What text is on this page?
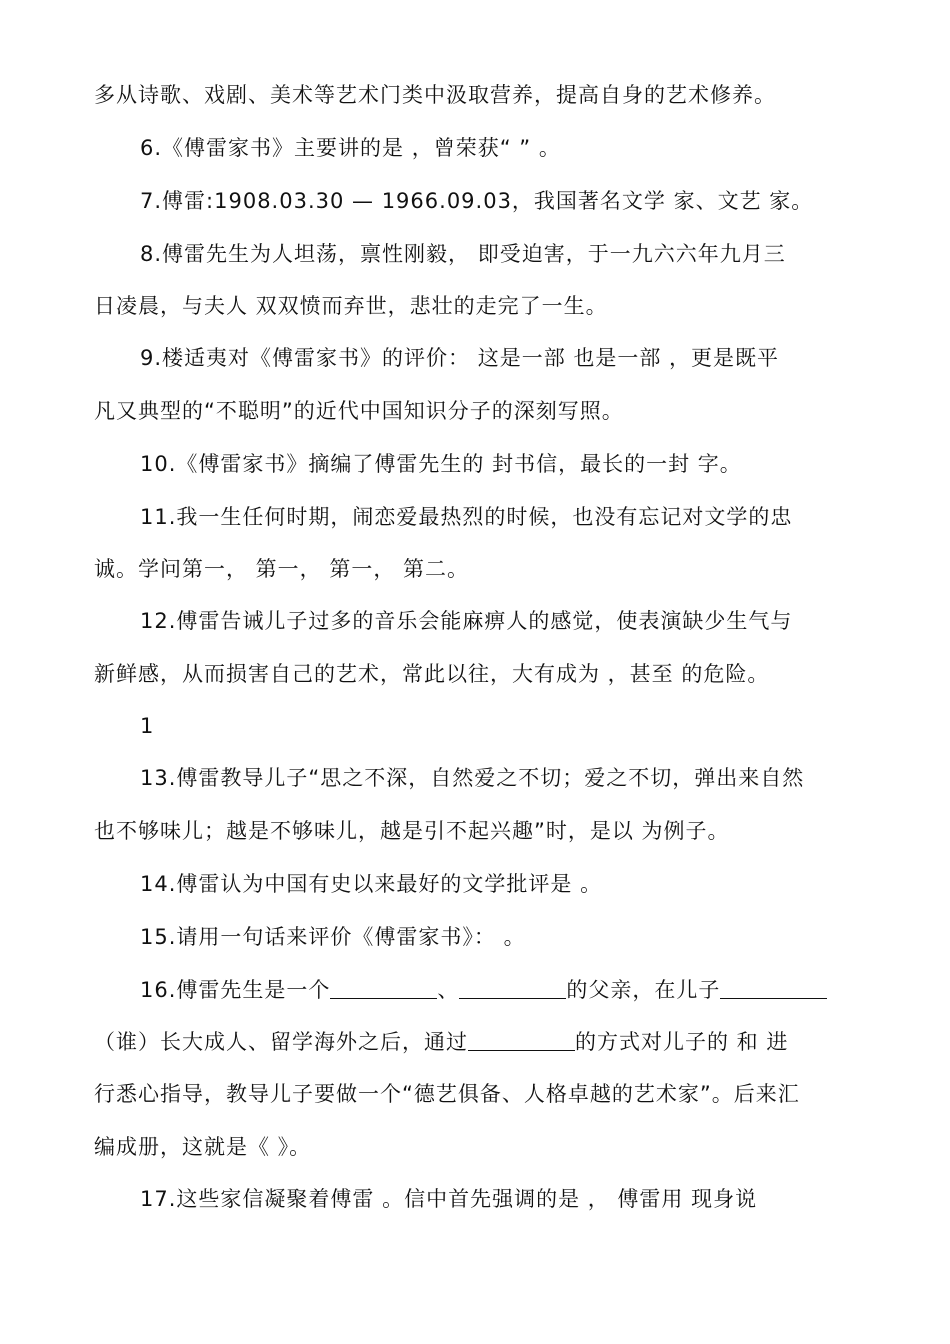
多从诗歌、戏剧、美术等艺术门类中汲取营养，提高自身的艺术修养。
6.《傅雷家书》主要讲的是 ，曾荣获“ ” 。
7.傅雷:1908.03.30 — 1966.09.03，我国著名文学 家、文艺 家。
8.傅雷先生为人坦荡，禀性刚毅， 即受迫害，于一九六六年九月三
日凌晨，与夫人 双双愤而弃世，悲壮的走完了一生。
9.楼适夷对《傅雷家书》的评价： 这是一部 也是一部 ，更是既平
凡又典型的“不聪明”的近代中国知识分子的深刻写照。
10.《傅雷家书》摘编了傅雷先生的 封书信，最长的一封 字。
11.我一生任何时期，闹恋爱最热烈的时候，也没有忘记对文学的忠
诚。学问第一， 第一， 第一， 第二。
12.傅雷告诫儿子过多的音乐会能麻痹人的感觉，使表演缺少生气与
新鲜感，从而损害自己的艺术，常此以往，大有成为 ，甚至 的危险。
1
13.傅雷教导儿子“思之不深，自然爱之不切；爱之不切，弹出来自然
也不够味儿；越是不够味儿，越是引不起兴趣”时，是以 为例子。
14.傅雷认为中国有史以来最好的文学批评是 。
15.请用一句话来评价《傅雷家书》： 。
16.傅雷先生是一个	、	的父亲，在儿子
（谁）长大成人、留学海外之后，通过	的方式对儿子的 和 进
行悉心指导，教导儿子要做一个“德艺俱备、人格卓越的艺术家”。后来汇
编成册，这就是《 》。
17.这些家信凝聚着傅雷 。信中首先强调的是 ， 傅雷用 现身说
